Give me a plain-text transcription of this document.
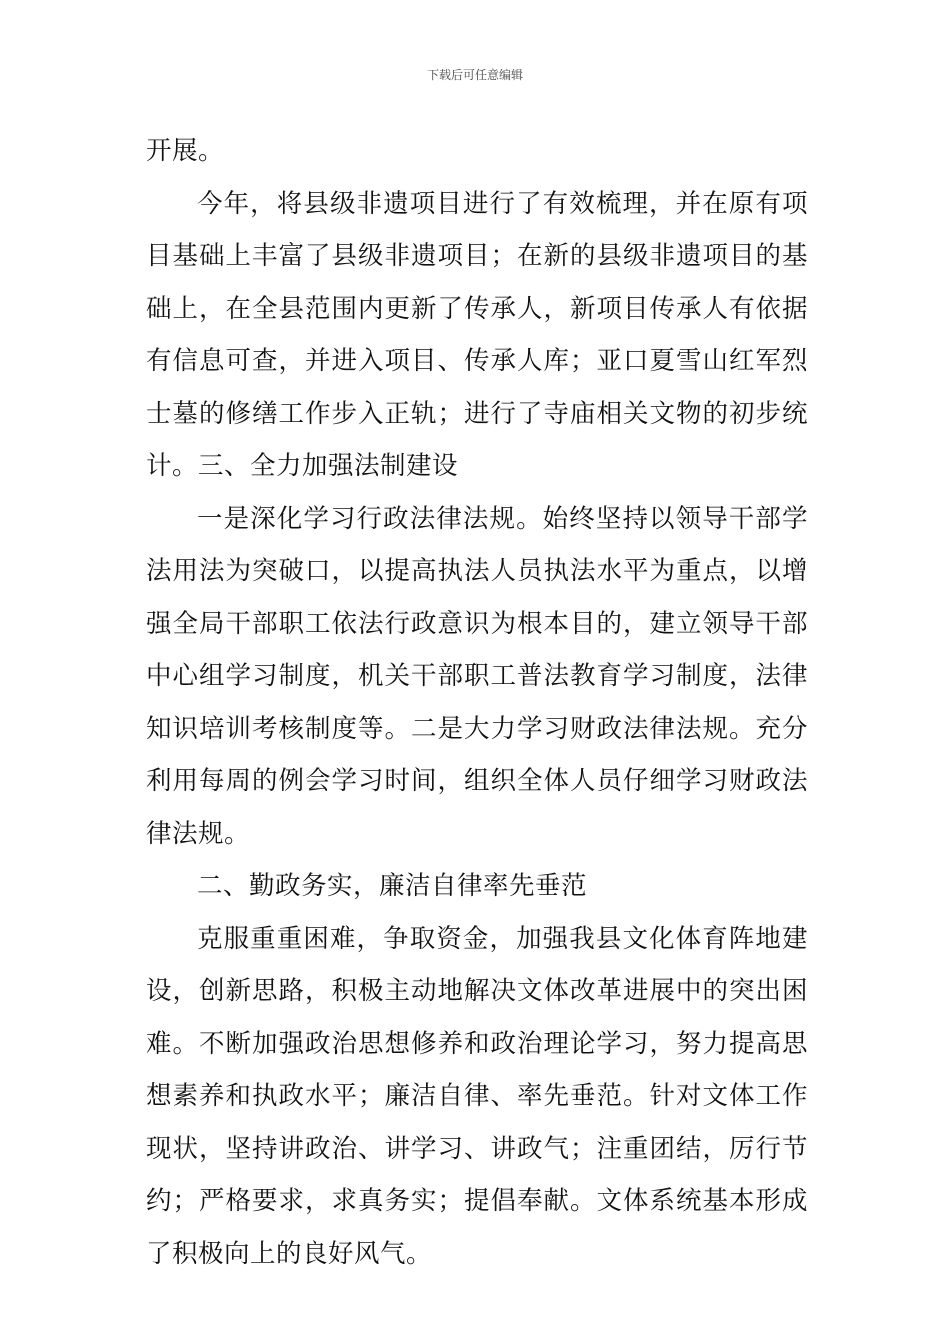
下载后可任意编辑

开展。

今年，将县级非遗项目进行了有效梳理，并在原有项目基础上丰富了县级非遗项目；在新的县级非遗项目的基础上，在全县范围内更新了传承人，新项目传承人有依据有信息可查，并进入项目、传承人库；亚口夏雪山红军烈士墓的修缮工作步入正轨；进行了寺庙相关文物的初步统计。三、全力加强法制建设

一是深化学习行政法律法规。始终坚持以领导干部学法用法为突破口，以提高执法人员执法水平为重点，以增强全局干部职工依法行政意识为根本目的，建立领导干部中心组学习制度，机关干部职工普法教育学习制度，法律知识培训考核制度等。二是大力学习财政法律法规。充分利用每周的例会学习时间，组织全体人员仔细学习财政法律法规。

二、勤政务实，廉洁自律率先垂范

克服重重困难，争取资金，加强我县文化体育阵地建设，创新思路，积极主动地解决文体改革进展中的突出困难。不断加强政治思想修养和政治理论学习，努力提高思想素养和执政水平；廉洁自律、率先垂范。针对文体工作现状，坚持讲政治、讲学习、讲政气；注重团结，厉行节约；严格要求，求真务实；提倡奉献。文体系统基本形成了积极向上的良好风气。
